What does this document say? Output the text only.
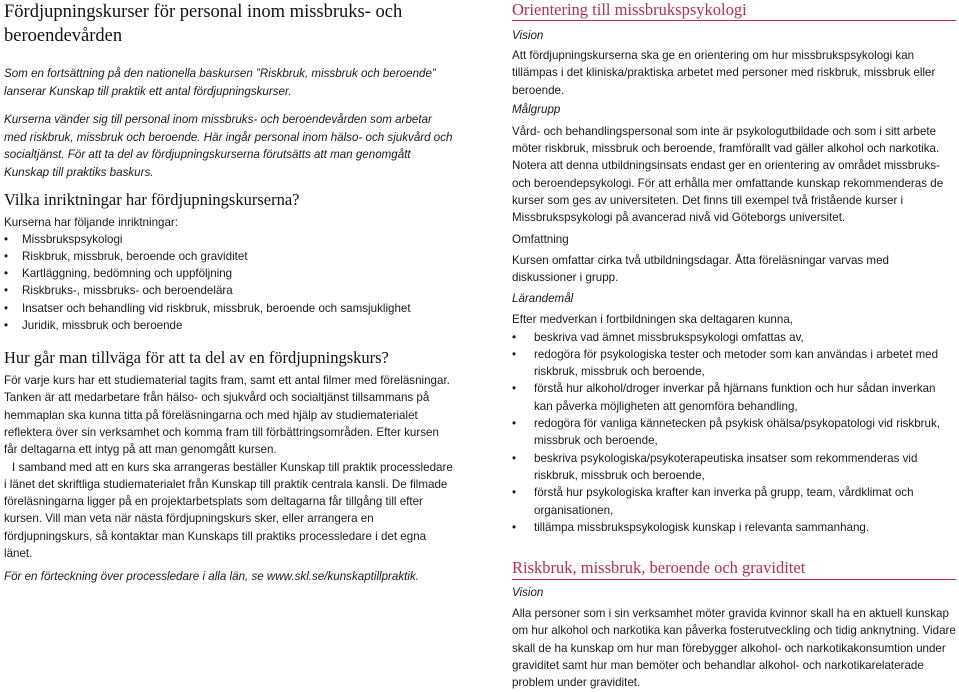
Fördjupningskurser för personal inom missbruks- och beroendevården

Som en fortsättning på den nationella baskursen ”Riskbruk, missbruk och beroende” lanserar Kunskap till praktik ett antal fördjupningskurser.

Kurserna vänder sig till personal inom missbruks- och beroendevården som arbetar med riskbruk, missbruk och beroende. Här ingår personal inom hälso- och sjukvård och socialtjänst. För att ta del av fördjupningskurserna förutsätts att man genomgått Kunskap till praktiks baskurs.

Vilka inriktningar har fördjupningskurserna?

Kurserna har följande inriktningar:

• Missbrukspsykologi
• Riskbruk, missbruk, beroende och graviditet
• Kartläggning, bedömning och uppföljning
• Riskbruks-, missbruks- och beroendelära
• Insatser och behandling vid riskbruk, missbruk, beroende och samsjuklighet
• Juridik, missbruk och beroende
Hur går man tillväga för att ta del av en fördjupningskurs?

För varje kurs har ett studiematerial tagits fram, samt ett antal filmer med föreläsningar. Tanken är att medarbetare från hälso- och sjukvård och socialtjänst tillsammans på hemmaplan ska kunna titta på föreläsningarna och med hjälp av studiematerialet reflektera över sin verksamhet och komma fram till förbättringsområden. Efter kursen får deltagarna ett intyg på att man genomgått kursen.

I samband med att en kurs ska arrangeras beställer Kunskap till praktik processledare i länet det skriftliga studiematerialet från Kunskap till praktik centrala kansli. De filmade föreläsningarna ligger på en projektarbetsplats som deltagarna får tillgång till efter kursen. Vill man veta när nästa fördjupningskurs sker, eller arrangera en fördjupningskurs, så kontaktar man Kunskaps till praktiks processledare i det egna länet.

För en förteckning över processledare i alla län, se www.skl.se/kunskaptillpraktik.

Orientering till missbrukspsykologi

Vision

Att fördjupningskurserna ska ge en orientering om hur missbrukspsykologi kan tillämpas i det kliniska/praktiska arbetet med personer med riskbruk, missbruk eller beroende.

Målgrupp

Vård- och behandlingspersonal som inte är psykologutbildade och som i sitt arbete möter riskbruk, missbruk och beroende, framförallt vad gäller alkohol och narkotika. Notera att denna utbildningsinsats endast ger en orientering av området missbruks- och beroendepsykologi. För att erhålla mer omfattande kunskap rekommenderas de kurser som ges av universiteten. Det finns till exempel två fristående kurser i Missbrukspsykologi på avancerad nivå vid Göteborgs universitet.

Omfattning

Kursen omfattar cirka två utbildningsdagar. Åtta föreläsningar varvas med diskussioner i grupp.

Lärandemål

Efter medverkan i fortbildningen ska deltagaren kunna,

• beskriva vad ämnet missbrukspsykologi omfattas av,
• redogöra för psykologiska tester och metoder som kan användas i arbetet med riskbruk, missbruk och beroende,
• förstå hur alkohol/droger inverkar på hjärnans funktion och hur sådan inverkan kan påverka möjligheten att genomföra behandling,
• redogöra för vanliga kännetecken på psykisk ohälsa/psykopatologi vid riskbruk, missbruk och beroende,
• beskriva psykologiska/psykoterapeutiska insatser som rekommenderas vid riskbruk, missbruk och beroende,
• förstå hur psykologiska krafter kan inverka på grupp, team, vårdklimat och organisationen,
• tillämpa missbrukspsykologisk kunskap i relevanta sammanhang.
Riskbruk, missbruk, beroende och graviditet

Vision

Alla personer som i sin verksamhet möter gravida kvinnor skall ha en aktuell kunskap om hur alkohol och narkotika kan påverka fosterutveckling och tidig anknytning. Vidare skall de ha kunskap om hur man förebygger alkohol- och narkotikakonsumtion under graviditet samt hur man bemöter och behandlar alkohol- och narkotikarelaterade problem under graviditet.
